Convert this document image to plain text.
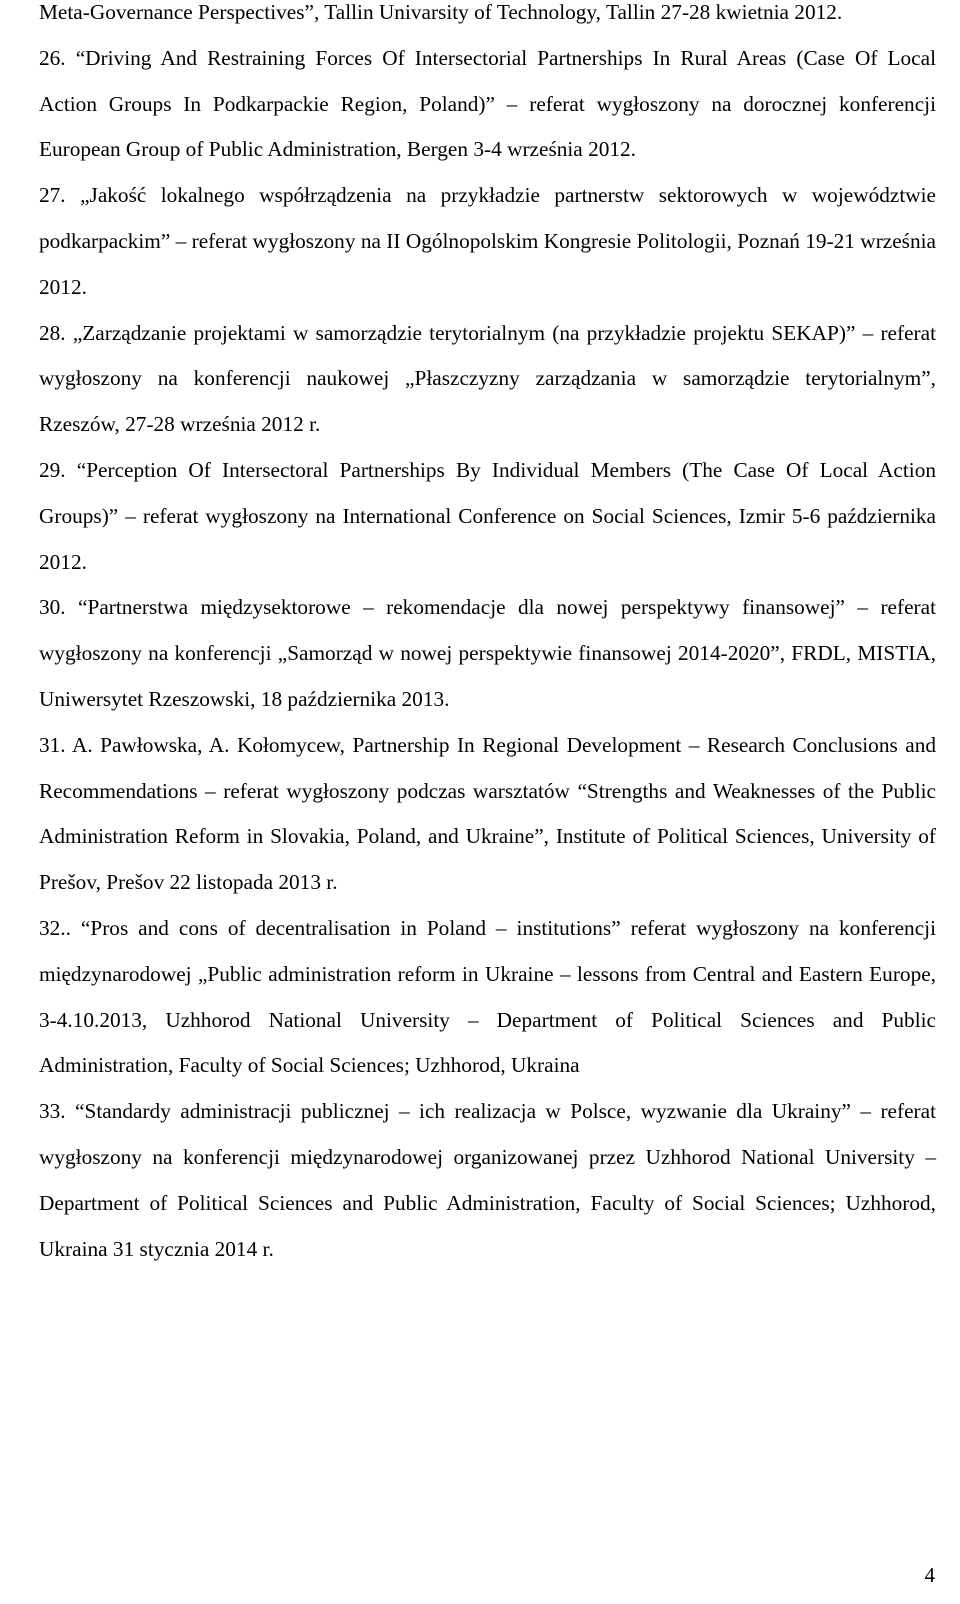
Meta-Governance Perspectives”, Tallin Univarsity of Technology, Tallin 27-28 kwietnia 2012.

26. “Driving And Restraining Forces Of Intersectorial Partnerships In Rural Areas (Case Of Local Action Groups In Podkarpackie Region, Poland)” – referat wygłoszony na dorocznej konferencji European Group of Public Administration, Bergen 3-4 września 2012.

27. „Jakość lokalnego współrządzenia na przykładzie partnerstw sektorowych w województwie podkarpackim” – referat wygłoszony na II Ogólnopolskim Kongresie Politologii, Poznań 19-21 września 2012.

28. „Zarządzanie projektami w samorządzie terytorialnym (na przykładzie projektu SEKAP)” – referat wygłoszony na konferencji naukowej „Płaszczyzny zarządzania w samorządzie terytorialnym”, Rzeszów, 27-28 września 2012 r.

29. “Perception Of Intersectoral Partnerships By Individual Members (The Case Of Local Action Groups)” – referat wygłoszony na International Conference on Social Sciences, Izmir 5-6 października 2012.

30. “Partnerstwa międzysektorowe – rekomendacje dla nowej perspektywy finansowej” – referat wygłoszony na konferencji „Samorząd w nowej perspektywie finansowej 2014-2020”, FRDL, MISTIA, Uniwersytet Rzeszowski, 18 października 2013.

31. A. Pawłowska, A. Kołomycew, Partnership In Regional Development – Research Conclusions and Recommendations – referat wygłoszony podczas warsztatów “Strengths and Weaknesses of the Public Administration Reform in Slovakia, Poland, and Ukraine”, Institute of Political Sciences, University of Prešov, Prešov 22 listopada 2013 r.

32.. “Pros and cons of decentralisation in Poland – institutions” referat wygłoszony na konferencji międzynarodowej „Public administration reform in Ukraine – lessons from Central and Eastern Europe, 3-4.10.2013, Uzhhorod National University – Department of Political Sciences and Public Administration, Faculty of Social Sciences; Uzhhorod, Ukraina

33. “Standardy administracji publicznej – ich realizacja w Polsce, wyzwanie dla Ukrainy” – referat wygłoszony na konferencji międzynarodowej organizowanej przez Uzhhorod National University – Department of Political Sciences and Public Administration, Faculty of Social Sciences; Uzhhorod, Ukraina 31 stycznia 2014 r.

4
